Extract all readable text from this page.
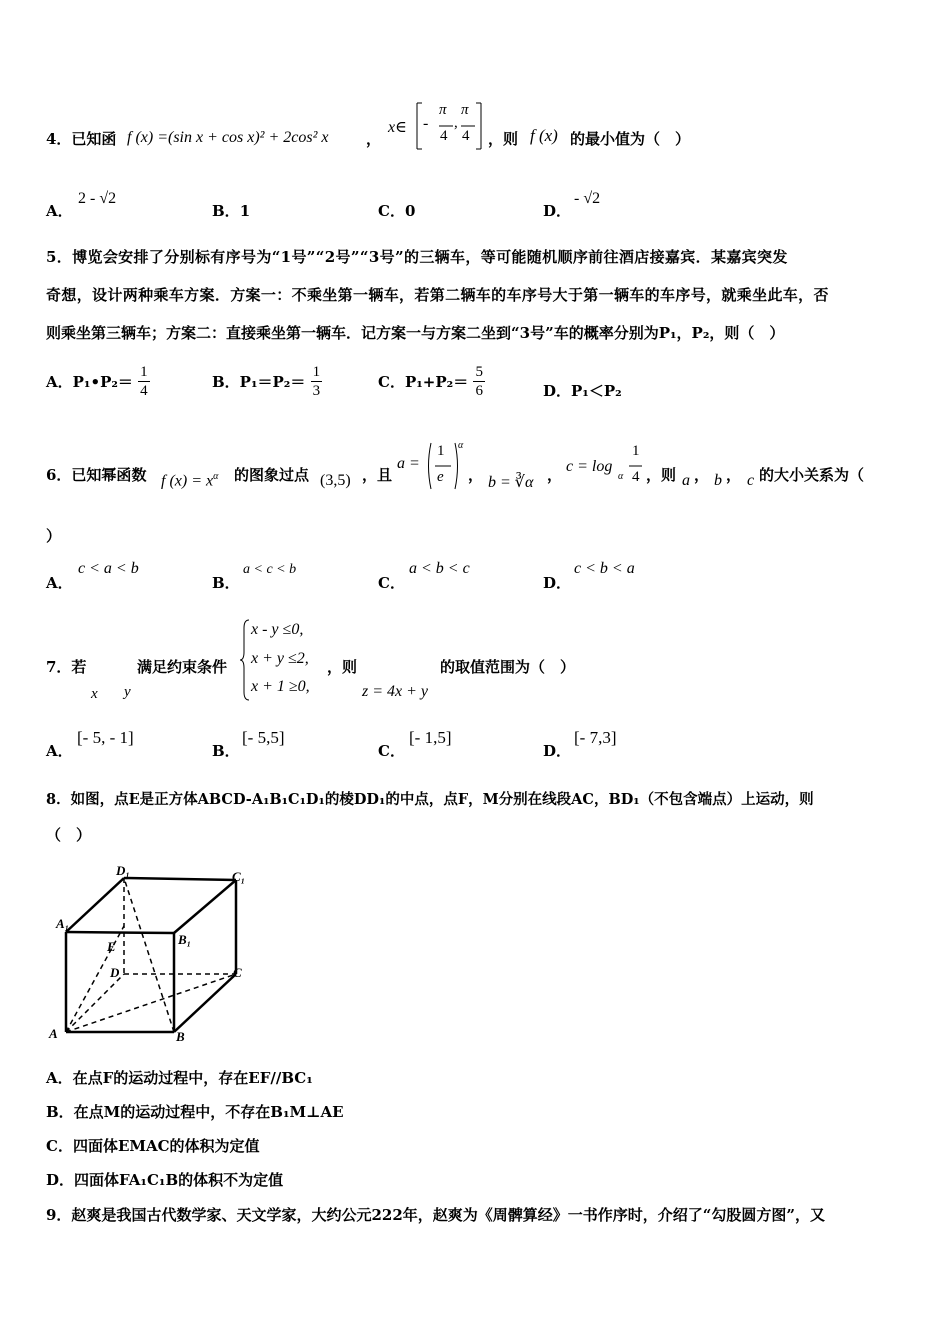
4．已知函 f (x) =(sin x + cos x)² + 2cos² x	，
x∈ -
π
4
,
π
4 ，则 f (x) 的最小值为（　）
A．
2 - √2
B．1	C．0	D．
- √2
5．博览会安排了分别标有序号为“1号”“2号”“3号”的三辆车，等可能随机顺序前往酒店接嘉宾．某嘉宾突发
奇想，设计两种乘车方案．方案一：不乘坐第一辆车，若第二辆车的车序号大于第一辆车的车序号，就乘坐此车，否
则乘坐第三辆车；方案二：直接乘坐第一辆车．记方案一与方案二坐到“3号”车的概率分别为P₁，P₂，则（　）
A．P₁•P₂＝ $\frac{1}{4}$	B．$P_1=P_2= \frac{1}{3}$	C．$P_1+P_2= \frac{5}{6}$	D．P₁＜P₂
6．已知幂函数 f $(x) = x^\alpha$ 的图象过点 (3,5) ，且
a =
1
e
α
， b = ∛α ， c = log
α
1
4 ，则 a ， b ， c 的大小关系为（
）
A．
c < a < b
B．
a < c < b
C．
a < b < c
D．
c < b < a
7．若
x y
满足约束条件
x - y ≤0,
x + y ≤2,
x + 1 ≥0,
，则
z = 4x + y
的取值范围为（　）
A．
[- 5, - 1]
B．
[- 5,5]
C．
[- 1,5]
D．
[- 7,3]
8．如图，点E是正方体ABCD-A₁B₁C₁D₁的棱DD₁的中点，点F，M分别在线段AC，BD₁（不包含端点）上运动，则
（　）
D₁	C₁
A₁
B₁
E
D	C
A	B
A．在点F的运动过程中，存在EF//BC₁
B．在点M的运动过程中，不存在B₁M⊥AE
C．四面体EMAC的体积为定值
D．四面体FA₁C₁B的体积不为定值
9．赵爽是我国古代数学家、天文学家，大约公元222年，赵爽为《周髀算经》一书作序时，介绍了“勾股圆方图”，又
